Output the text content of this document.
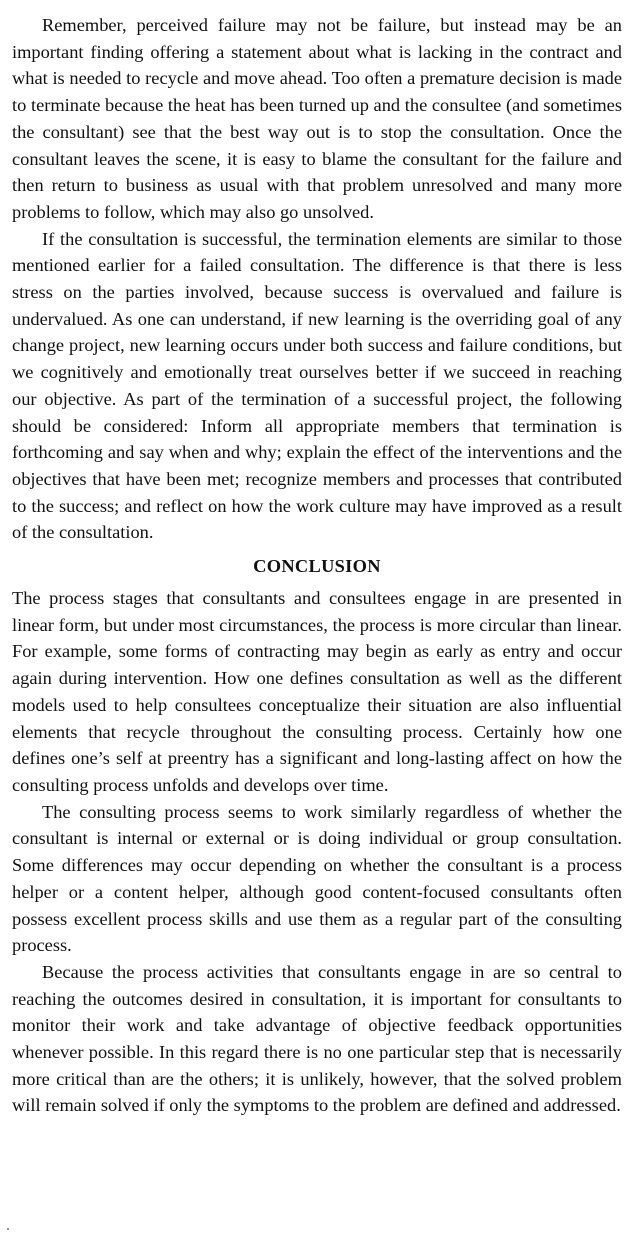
Remember, perceived failure may not be failure, but instead may be an important finding offering a statement about what is lacking in the contract and what is needed to recycle and move ahead. Too often a premature decision is made to terminate because the heat has been turned up and the consultee (and sometimes the consultant) see that the best way out is to stop the consultation. Once the consultant leaves the scene, it is easy to blame the consultant for the failure and then return to business as usual with that problem unresolved and many more problems to follow, which may also go unsolved.

If the consultation is successful, the termination elements are similar to those mentioned earlier for a failed consultation. The difference is that there is less stress on the parties involved, because success is overvalued and failure is undervalued. As one can understand, if new learning is the overriding goal of any change project, new learning occurs under both success and failure conditions, but we cognitively and emotionally treat ourselves better if we succeed in reaching our objective. As part of the termination of a successful project, the following should be considered: Inform all appropriate members that termination is forthcoming and say when and why; explain the effect of the interventions and the objectives that have been met; recognize members and processes that contributed to the success; and reflect on how the work culture may have improved as a result of the consultation.

CONCLUSION

The process stages that consultants and consultees engage in are presented in linear form, but under most circumstances, the process is more circular than linear. For example, some forms of contracting may begin as early as entry and occur again during intervention. How one defines consultation as well as the different models used to help consultees conceptualize their situation are also influential elements that recycle throughout the consulting process. Certainly how one defines one’s self at preentry has a significant and long-lasting affect on how the consulting process unfolds and develops over time.

The consulting process seems to work similarly regardless of whether the consultant is internal or external or is doing individual or group consultation. Some differences may occur depending on whether the consultant is a process helper or a content helper, although good content-focused consultants often possess excellent process skills and use them as a regular part of the consulting process.

Because the process activities that consultants engage in are so central to reaching the outcomes desired in consultation, it is important for consultants to monitor their work and take advantage of objective feedback opportunities whenever possible. In this regard there is no one particular step that is necessarily more critical than are the others; it is unlikely, however, that the solved problem will remain solved if only the symptoms to the problem are defined and addressed.
